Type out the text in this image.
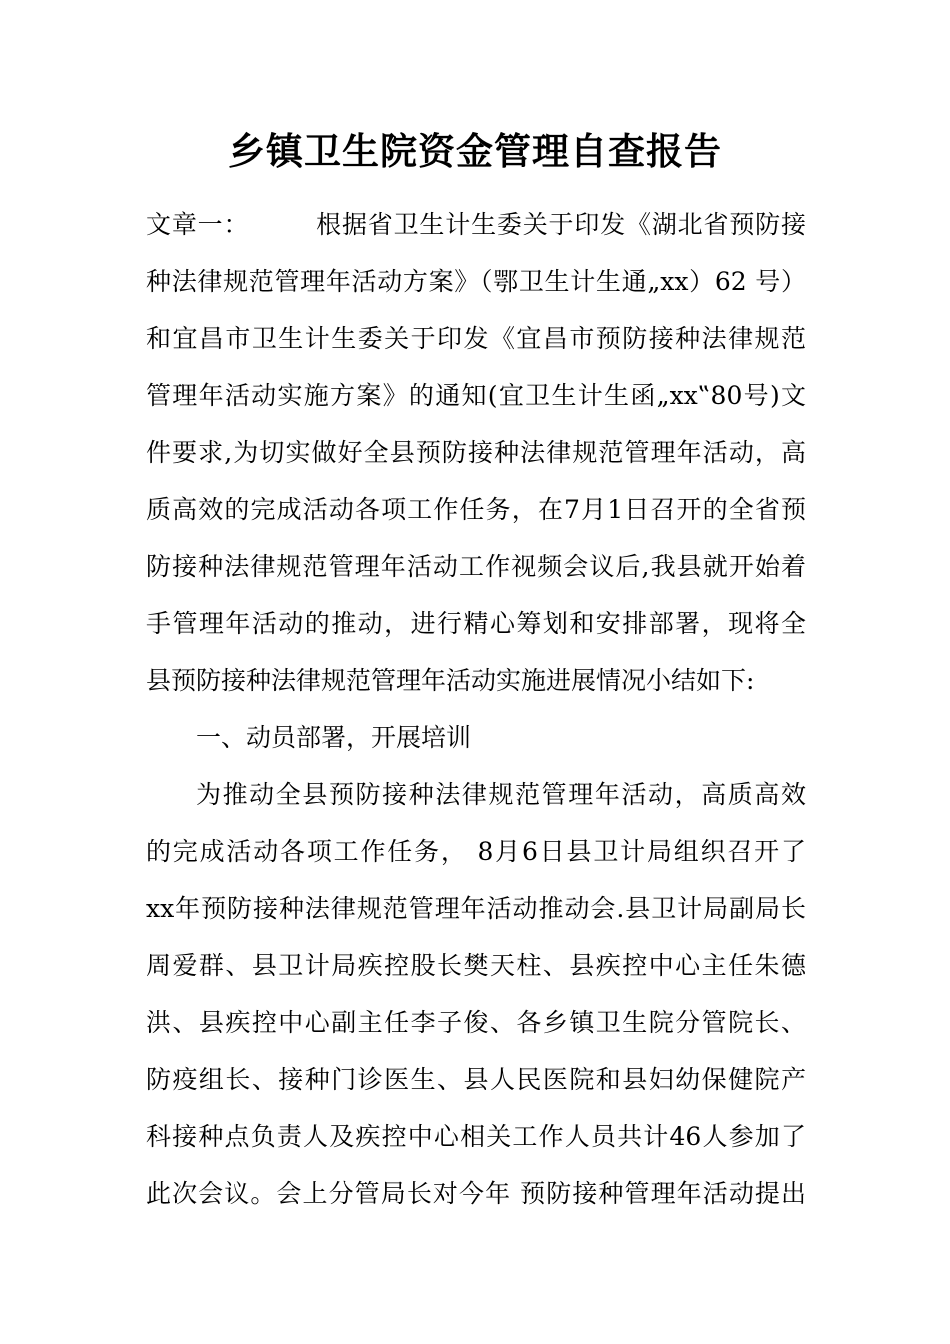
乡镇卫生院资金管理自查报告
文章一：	根据省卫生计生委关于印发《湖北省预防接
种法律规范管理年活动方案》（鄂卫生计生通„xx）62 号）
和宜昌市卫生计生委关于印发《宜昌市预防接种法律规范
管理年活动实施方案》的通知(宜卫生计生函„xx‟80号)文
件要求,为切实做好全县预防接种法律规范管理年活动，高
质高效的完成活动各项工作任务，在7月1日召开的全省预
防接种法律规范管理年活动工作视频会议后,我县就开始着
手管理年活动的推动，进行精心筹划和安排部署，现将全
县预防接种法律规范管理年活动实施进展情况小结如下:
一、动员部署，开展培训
为推动全县预防接种法律规范管理年活动，高质高效
的完成活动各项工作任务， 8月6日县卫计局组织召开了
xx年预防接种法律规范管理年活动推动会.县卫计局副局长
周爱群、县卫计局疾控股长樊天柱、县疾控中心主任朱德
洪、县疾控中心副主任李子俊、各乡镇卫生院分管院长、
防疫组长、接种门诊医生、县人民医院和县妇幼保健院产
科接种点负责人及疾控中心相关工作人员共计46人参加了
此次会议。会上分管局长对今年 预防接种管理年活动提出
